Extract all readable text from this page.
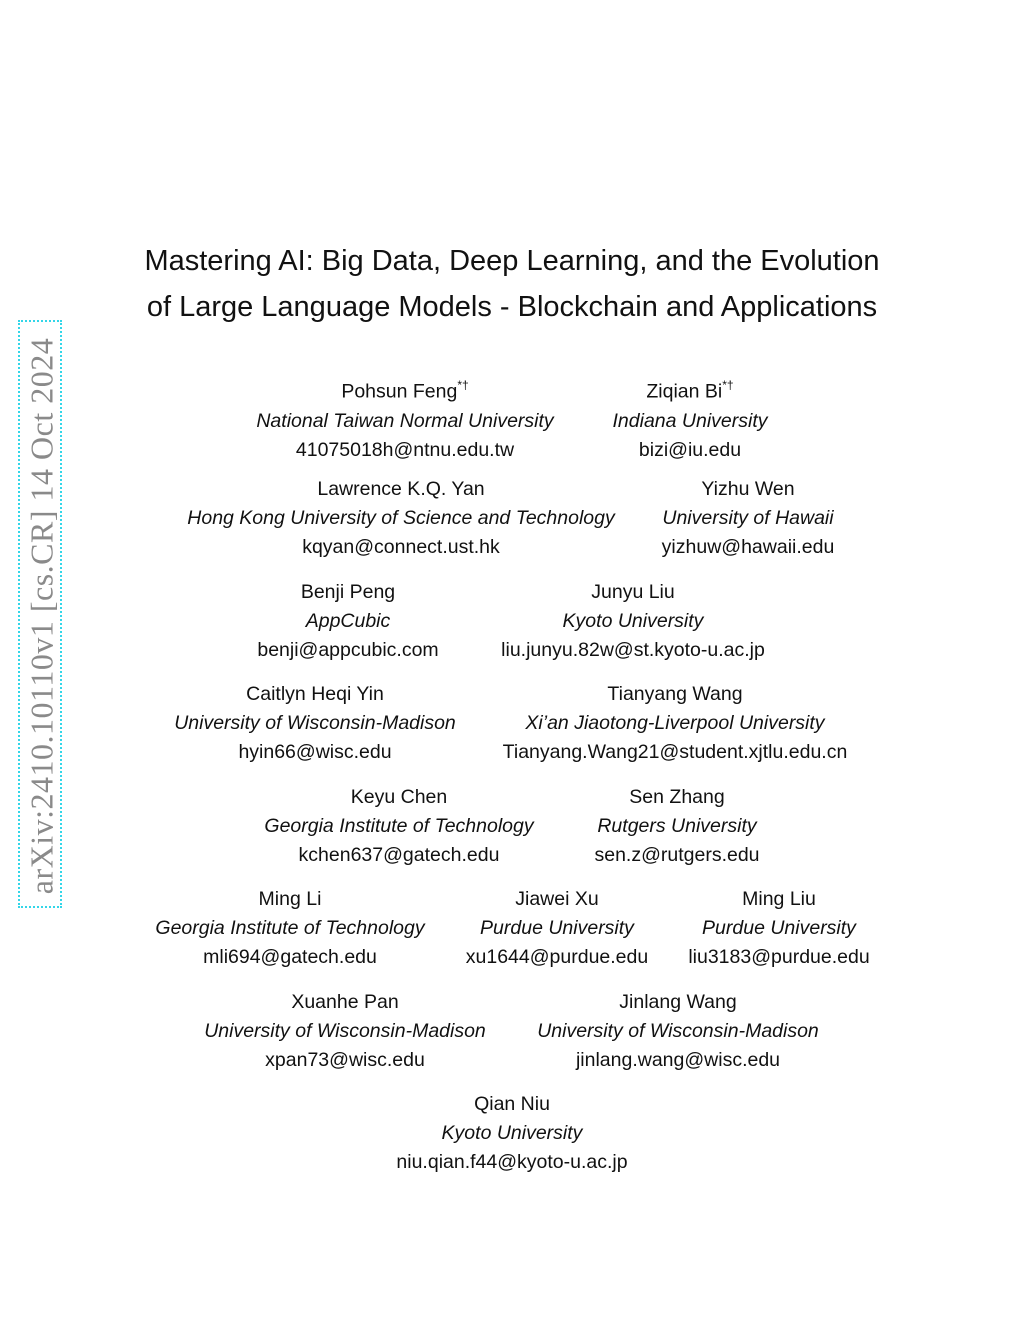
arXiv:2410.10110v1 [cs.CR] 14 Oct 2024
Mastering AI: Big Data, Deep Learning, and the Evolution
of Large Language Models - Blockchain and Applications
Pohsun Feng*†
National Taiwan Normal University
41075018h@ntnu.edu.tw
Ziqian Bi*†
Indiana University
bizi@iu.edu
Lawrence K.Q. Yan
Hong Kong University of Science and Technology
kqyan@connect.ust.hk
Yizhu Wen
University of Hawaii
yizhuw@hawaii.edu
Benji Peng
AppCubic
benji@appcubic.com
Junyu Liu
Kyoto University
liu.junyu.82w@st.kyoto-u.ac.jp
Caitlyn Heqi Yin
University of Wisconsin-Madison
hyin66@wisc.edu
Tianyang Wang
Xi’an Jiaotong-Liverpool University
Tianyang.Wang21@student.xjtlu.edu.cn
Keyu Chen
Georgia Institute of Technology
kchen637@gatech.edu
Sen Zhang
Rutgers University
sen.z@rutgers.edu
Ming Li
Georgia Institute of Technology
mli694@gatech.edu
Jiawei Xu
Purdue University
xu1644@purdue.edu
Ming Liu
Purdue University
liu3183@purdue.edu
Xuanhe Pan
University of Wisconsin-Madison
xpan73@wisc.edu
Jinlang Wang
University of Wisconsin-Madison
jinlang.wang@wisc.edu
Qian Niu
Kyoto University
niu.qian.f44@kyoto-u.ac.jp
